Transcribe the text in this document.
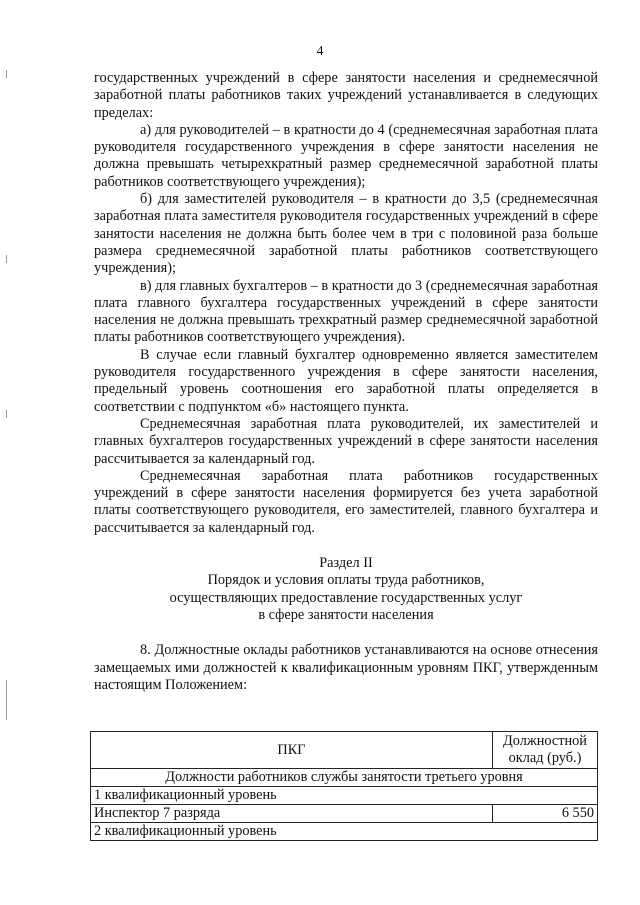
4

государственных учреждений в сфере занятости населения и среднемесячной заработной платы работников таких учреждений устанавливается в следующих пределах:

а) для руководителей – в кратности до 4 (среднемесячная заработная плата руководителя государственного учреждения в сфере занятости населения не должна превышать четырехкратный размер среднемесячной заработной платы работников соответствующего учреждения);

б) для заместителей руководителя – в кратности до 3,5 (среднемесячная заработная плата заместителя руководителя государственных учреждений в сфере занятости населения не должна быть более чем в три с половиной раза больше размера среднемесячной заработной платы работников соответствующего учреждения);

в) для главных бухгалтеров – в кратности до 3 (среднемесячная заработная плата главного бухгалтера государственных учреждений в сфере занятости населения не должна превышать трехкратный размер среднемесячной заработной платы работников соответствующего учреждения).

В случае если главный бухгалтер одновременно является заместителем руководителя государственного учреждения в сфере занятости населения, предельный уровень соотношения его заработной платы определяется в соответствии с подпунктом «б» настоящего пункта.

Среднемесячная заработная плата руководителей, их заместителей и главных бухгалтеров государственных учреждений в сфере занятости населения рассчитывается за календарный год.

Среднемесячная заработная плата работников государственных учреждений в сфере занятости населения формируется без учета заработной платы соответствующего руководителя, его заместителей, главного бухгалтера и рассчитывается за календарный год.

Раздел II

Порядок и условия оплаты труда работников,

осуществляющих предоставление государственных услуг

в сфере занятости населения

8. Должностные оклады работников устанавливаются на основе отнесения замещаемых ими должностей к квалификационным уровням ПКГ, утвержденным настоящим Положением:

ПКГ	Должностной оклад (руб.)
Должности работников службы занятости третьего уровня	
1 квалификационный уровень	
Инспектор 7 разряда	6 550
2 квалификационный уровень	
